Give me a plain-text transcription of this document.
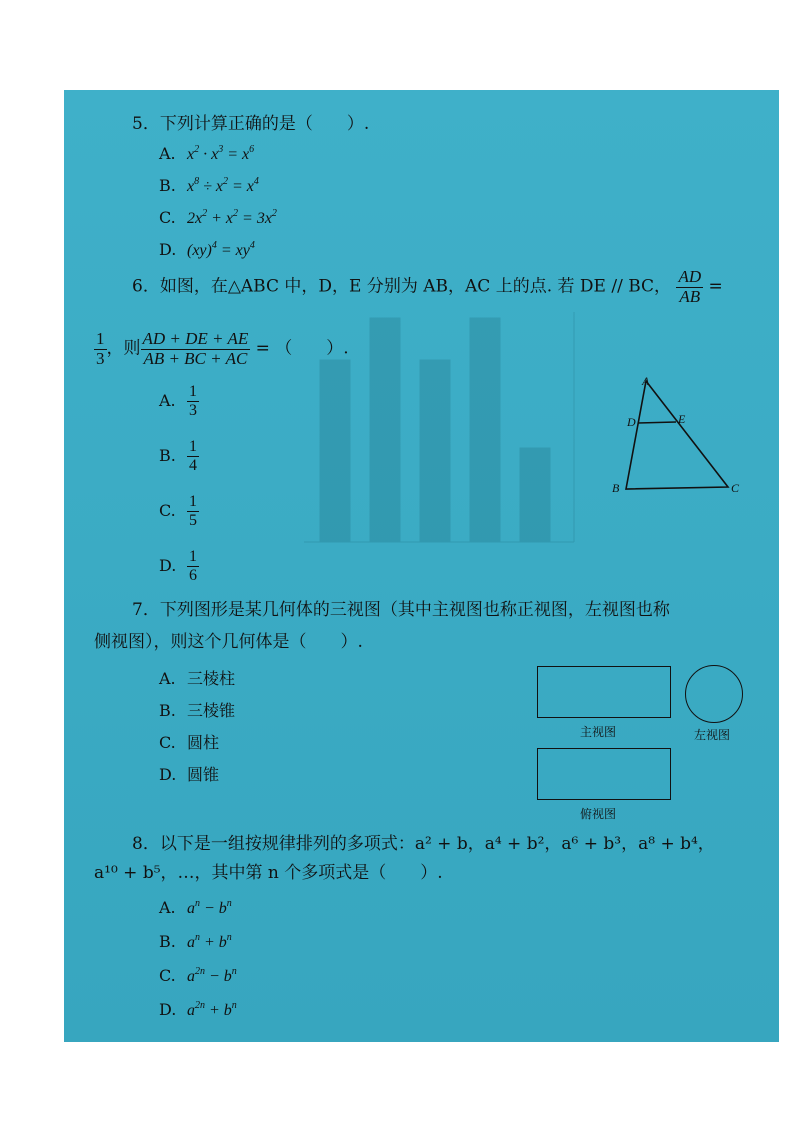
5．下列计算正确的是（　　）.
A. $x^2 \cdot x^3 = x^6$
B. $x^8 \div x^2 = x^4$
C. $2x^2 + x^2 = 3x^2$
D. $(xy)^4 = xy^4$
6．如图，在△ABC 中，D，E 分别为 AB，AC 上的点. 若 DE // BC， $\frac{AD}{AB}$ =
$\frac{1}{3}$ ，则 $\frac{AD + DE + AE}{AB + BC + AC}$ = （　　）.
A. $\frac{1}{3}$
B. $\frac{1}{4}$
C. $\frac{1}{5}$
D. $\frac{1}{6}$
A
D	E
B	C
7．下列图形是某几何体的三视图（其中主视图也称正视图，左视图也称
侧视图），则这个几何体是（　　）.
A. 三棱柱
B. 三棱锥
C. 圆柱
D. 圆锥
主视图	左视图
俯视图
8．以下是一组按规律排列的多项式：a² + b，a⁴ + b²，a⁶ + b³，a⁸ + b⁴，
a¹⁰ + b⁵，…，其中第 n 个多项式是（　　）.
A. $a^n - b^n$
B. $a^n + b^n$
C. $a^{2n} - b^n$
D. $a^{2n} + b^n$
